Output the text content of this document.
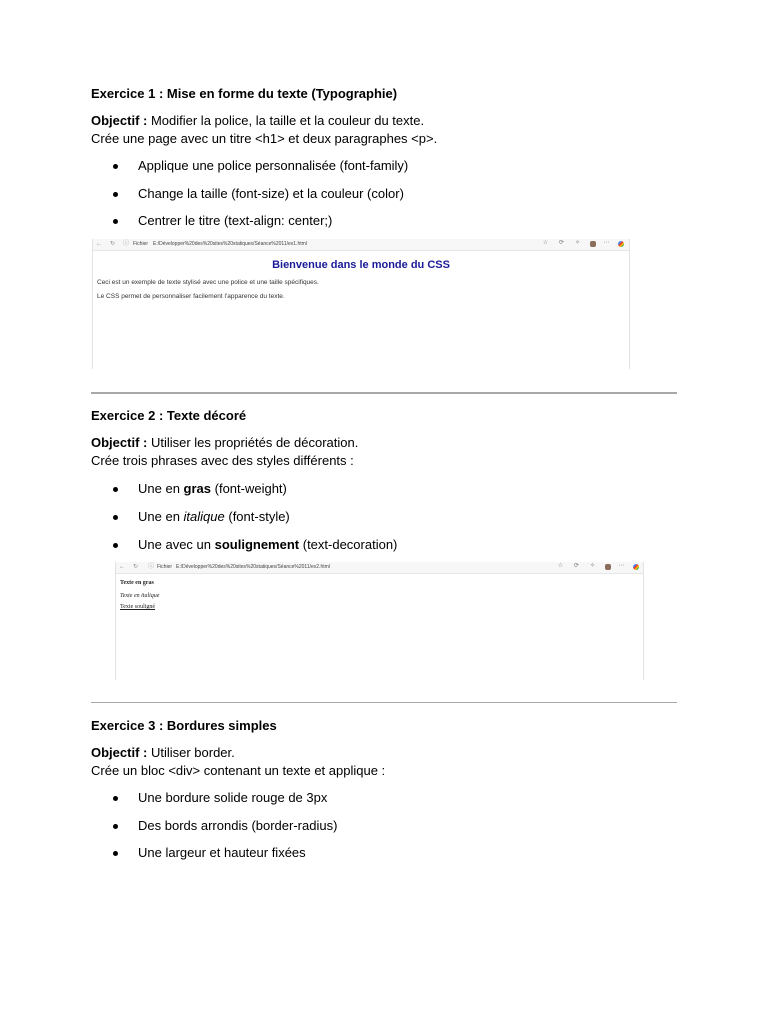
Exercice 1 : Mise en forme du texte (Typographie)
Objectif : Modifier la police, la taille et la couleur du texte.
Crée une page avec un titre <h1> et deux paragraphes <p>.
Applique une police personnalisée (font-family)
Change la taille (font-size) et la couleur (color)
Centrer le titre (text-align: center;)
← ↻ ⓘ Fichier E:/Développer%20des%20sites%20statiques/Séance%2011/ex1.html	☆ ⟳ ✧	⋯
Bienvenue dans le monde du CSS
Ceci est un exemple de texte stylisé avec une police et une taille spécifiques.
Le CSS permet de personnaliser facilement l'apparence du texte.
Exercice 2 : Texte décoré
Objectif : Utiliser les propriétés de décoration.
Crée trois phrases avec des styles différents :
Une en gras (font-weight)
Une en italique (font-style)
Une avec un soulignement (text-decoration)
← ↻ ⓘ Fichier E:/Développer%20des%20sites%20statiques/Séance%2011/ex2.html	☆ ⟳ ✧	⋯
Texte en gras
Texte en italique
Texte souligné
Exercice 3 : Bordures simples
Objectif : Utiliser border.
Crée un bloc <div> contenant un texte et applique :
Une bordure solide rouge de 3px
Des bords arrondis (border-radius)
Une largeur et hauteur fixées
